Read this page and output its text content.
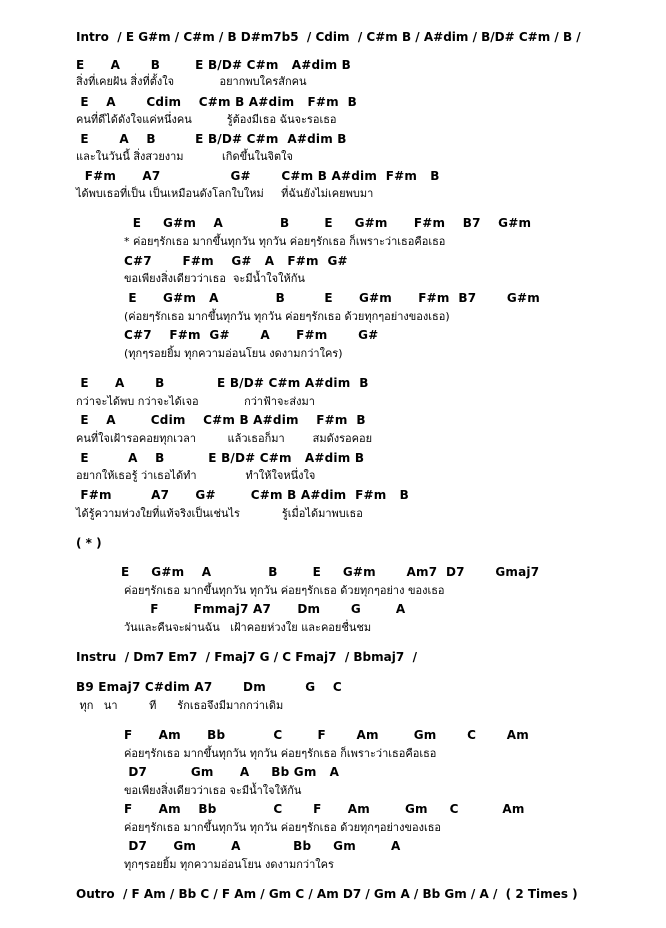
Intro  / E G#m / C#m / B D#m7b5  / Cdim  / C#m B / A#dim / B/D# C#m / B /
E      A       B        E B/D# C#m   A#dim B
สิ่งที่เคยฝัน สิ่งที่ตั้งใจ             อยากพบใครสักคน
E    A       Cdim    C#m B A#dim   F#m  B
คนที่ดีได้ดังใจแค่หนึ่งคน          รู้ต้องมีเธอ ฉันจะรอเธอ
E       A    B         E B/D# C#m  A#dim B
และในวันนี้ สิ่งสวยงาม           เกิดขึ้นในจิตใจ
F#m      A7                G#       C#m B A#dim  F#m   B
ได้พบเธอที่เป็น เป็นเหมือนดังโลกใบใหม่     ที่ฉันยังไม่เคยพบมา
E     G#m    A             B        E     G#m      F#m    B7    G#m
* ค่อยๆรักเธอ มากขึ้นทุกวัน ทุกวัน ค่อยๆรักเธอ ก็เพราะว่าเธอคือเธอ
C#7       F#m    G#   A   F#m  G#
ขอเพียงสิ่งเดียวว่าเธอ  จะมีน้ำใจให้กัน
E      G#m   A             B         E      G#m      F#m  B7       G#m
(ค่อยๆรักเธอ มากขึ้นทุกวัน ทุกวัน ค่อยๆรักเธอ ด้วยทุกๆอย่างของเธอ)
C#7    F#m  G#       A      F#m       G#
(ทุกๆรอยยิ้ม ทุกความอ่อนโยน งดงามกว่าใคร)
E      A       B            E B/D# C#m A#dim  B
กว่าจะได้พบ กว่าจะได้เจอ             กว่าฟ้าจะส่งมา
E    A        Cdim    C#m B A#dim    F#m  B
คนที่ใจเฝ้ารอคอยทุกเวลา         แล้วเธอก็มา        สมดังรอคอย
E         A    B          E B/D# C#m   A#dim B
อยากให้เธอรู้ ว่าเธอได้ทำ              ทำให้ใจหนึ่งใจ
F#m         A7      G#        C#m B A#dim  F#m   B
ได้รู้ความห่วงใยที่แท้จริงเป็นเช่นไร            รู้เมื่อได้มาพบเธอ
( * )
E     G#m    A             B        E     G#m       Am7  D7       Gmaj7
ค่อยๆรักเธอ มากขึ้นทุกวัน ทุกวัน ค่อยๆรักเธอ ด้วยทุกๆอย่าง ของเธอ
F        Fmmaj7 A7      Dm       G        A
วันและคืนจะผ่านฉัน   เฝ้าคอยห่วงใย และคอยชื่นชม
Instru  / Dm7 Em7  / Fmaj7 G / C Fmaj7  / Bbmaj7  /
B9 Emaj7 C#dim A7       Dm         G    C
ทุก   นา         ที      รักเธอจึงมีมากกว่าเดิม
F      Am      Bb           C        F       Am        Gm       C       Am
ค่อยๆรักเธอ มากขึ้นทุกวัน ทุกวัน ค่อยๆรักเธอ ก็เพราะว่าเธอคือเธอ
D7          Gm      A     Bb Gm   A
ขอเพียงสิ่งเดียวว่าเธอ จะมีน้ำใจให้กัน
F      Am    Bb             C       F      Am        Gm     C          Am
ค่อยๆรักเธอ มากขึ้นทุกวัน ทุกวัน ค่อยๆรักเธอ ด้วยทุกๆอย่างของเธอ
D7      Gm        A            Bb     Gm        A
ทุกๆรอยยิ้ม ทุกความอ่อนโยน งดงามกว่าใคร
Outro  / F Am / Bb C / F Am / Gm C / Am D7 / Gm A / Bb Gm / A /  ( 2 Times )
